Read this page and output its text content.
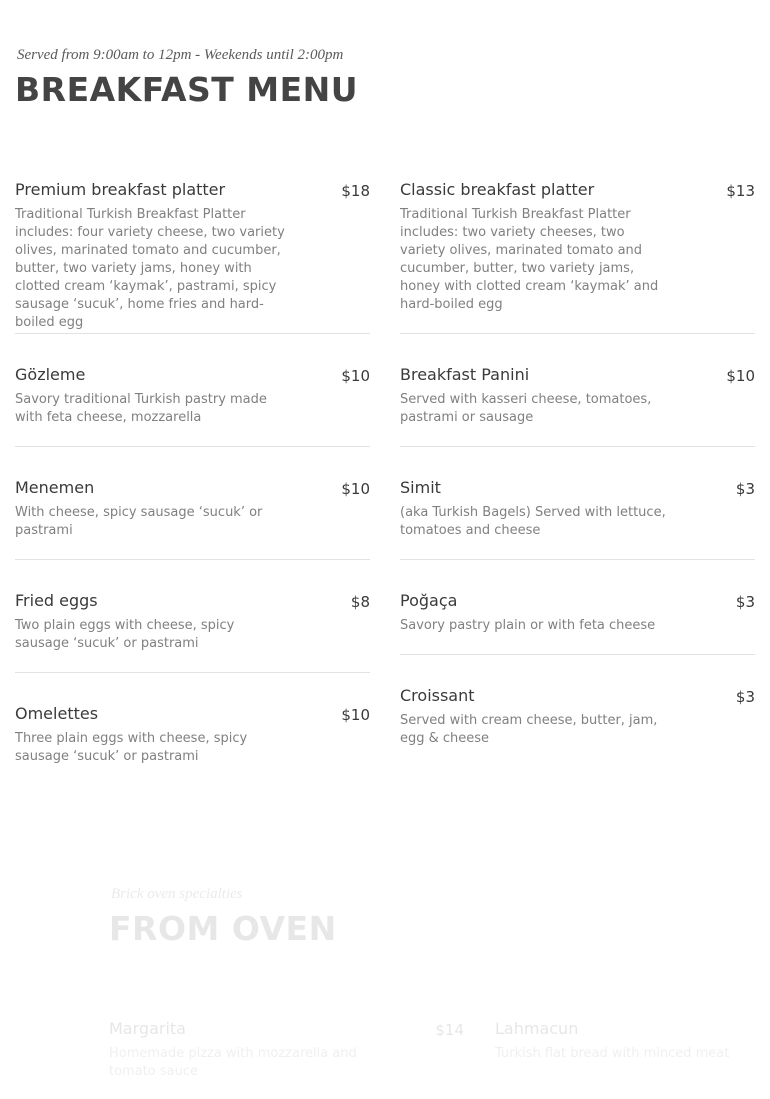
Served from 9:00am to 12pm - Weekends until 2:00pm

BREAKFAST MENU

Premium breakfast platter	$18

Traditional Turkish Breakfast Platter includes: four variety cheese, two variety olives, marinated tomato and cucumber, butter, two variety jams, honey with clotted cream ‘kaymak’, pastrami, spicy sausage ‘sucuk’, home fries and hard-boiled egg

Gözleme	$10

Savory traditional Turkish pastry made with feta cheese, mozzarella

Menemen	$10

With cheese, spicy sausage ‘sucuk’ or pastrami

Fried eggs	$8

Two plain eggs with cheese, spicy sausage ‘sucuk’ or pastrami

Omelettes	$10

Three plain eggs with cheese, spicy sausage ‘sucuk’ or pastrami

Classic breakfast platter	$13

Traditional Turkish Breakfast Platter includes: two variety cheeses, two variety olives, marinated tomato and cucumber, butter, two variety jams, honey with clotted cream ‘kaymak’ and hard-boiled egg

Breakfast Panini	$10

Served with kasseri cheese, tomatoes, pastrami or sausage

Simit	$3

(aka Turkish Bagels) Served with lettuce, tomatoes and cheese

Poğaça	$3

Savory pastry plain or with feta cheese

Croissant	$3

Served with cream cheese, butter, jam, egg & cheese

Brick oven specialties

FROM OVEN

Margarita	$14

Homemade pizza with mozzarella and tomato sauce

Lahmacun

Turkish flat bread with minced meat
